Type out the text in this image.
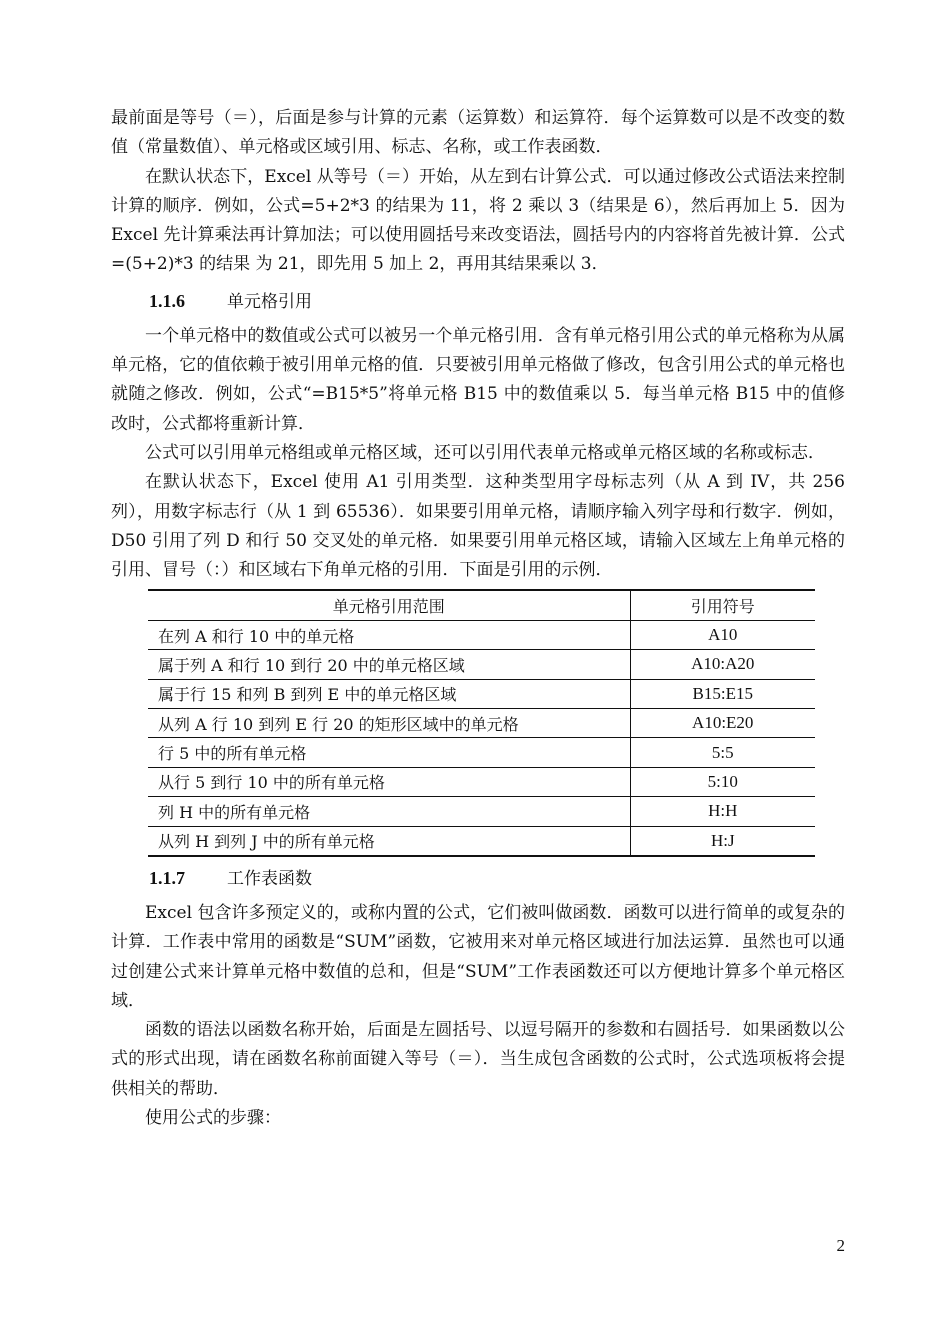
最前面是等号（＝），后面是参与计算的元素（运算数）和运算符．每个运算数可以是不改变的数值（常量数值）、单元格或区域引用、标志、名称，或工作表函数．

在默认状态下，Excel 从等号（＝）开始，从左到右计算公式．可以通过修改公式语法来控制计算的顺序．例如，公式=5+2*3 的结果为 11，将 2 乘以 3（结果是 6），然后再加上 5．因为 Excel 先计算乘法再计算加法；可以使用圆括号来改变语法，圆括号内的内容将首先被计算．公式=(5+2)*3 的结果 为 21，即先用 5 加上 2，再用其结果乘以 3．

1.1.6 单元格引用

一个单元格中的数值或公式可以被另一个单元格引用．含有单元格引用公式的单元格称为从属单元格，它的值依赖于被引用单元格的值．只要被引用单元格做了修改，包含引用公式的单元格也就随之修改．例如，公式“=B15*5”将单元格 B15 中的数值乘以 5．每当单元格 B15 中的值修改时，公式都将重新计算．

公式可以引用单元格组或单元格区域，还可以引用代表单元格或单元格区域的名称或标志．

在默认状态下，Excel 使用 A1 引用类型．这种类型用字母标志列（从 A 到 IV，共 256 列），用数字标志行（从 1 到 65536）．如果要引用单元格，请顺序输入列字母和行数字．例如，D50 引用了列 D 和行 50 交叉处的单元格．如果要引用单元格区域，请输入区域左上角单元格的引用、冒号（：）和区域右下角单元格的引用．下面是引用的示例．

单元格引用范围	引用符号
在列 A 和行 10 中的单元格	A10
属于列 A 和行 10 到行 20 中的单元格区域	A10:A20
属于行 15 和列 B 到列 E 中的单元格区域	B15:E15
从列 A 行 10 到列 E 行 20 的矩形区域中的单元格	A10:E20
行 5 中的所有单元格	5:5
从行 5 到行 10 中的所有单元格	5:10
列 H 中的所有单元格	H:H
从列 H 到列 J 中的所有单元格	H:J
1.1.7 工作表函数

Excel 包含许多预定义的，或称内置的公式，它们被叫做函数．函数可以进行简单的或复杂的计算．工作表中常用的函数是“SUM”函数，它被用来对单元格区域进行加法运算．虽然也可以通过创建公式来计算单元格中数值的总和，但是“SUM”工作表函数还可以方便地计算多个单元格区域．

函数的语法以函数名称开始，后面是左圆括号、以逗号隔开的参数和右圆括号．如果函数以公式的形式出现，请在函数名称前面键入等号（＝）．当生成包含函数的公式时，公式选项板将会提供相关的帮助．

使用公式的步骤：

2
